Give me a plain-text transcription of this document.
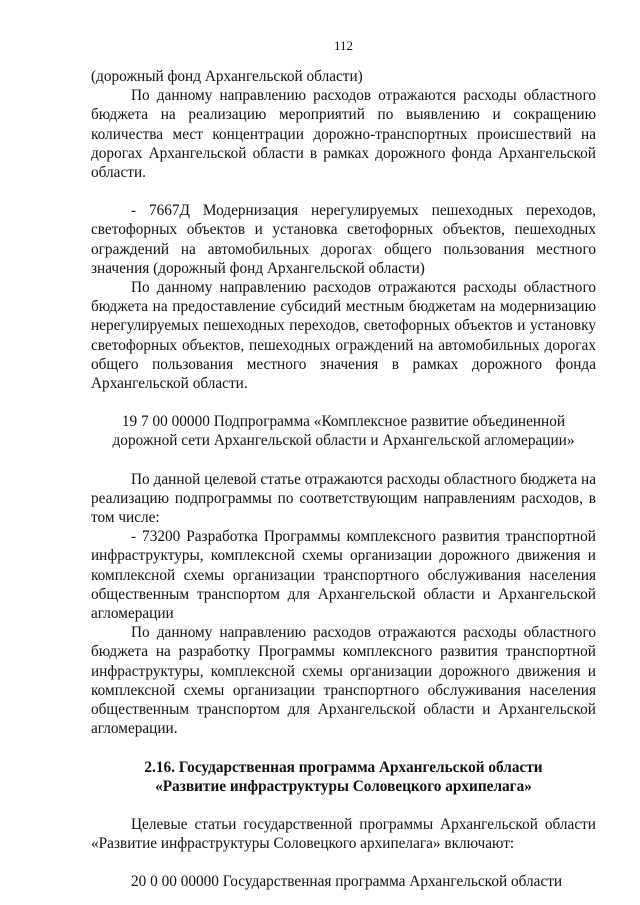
112

(дорожный фонд Архангельской области)

По данному направлению расходов отражаются расходы областного бюджета на реализацию мероприятий по выявлению и сокращению количества мест концентрации дорожно-транспортных происшествий на дорогах Архангельской области в рамках дорожного фонда Архангельской области.

- 7667Д Модернизация нерегулируемых пешеходных переходов, светофорных объектов и установка светофорных объектов, пешеходных ограждений на автомобильных дорогах общего пользования местного значения (дорожный фонд Архангельской области)

По данному направлению расходов отражаются расходы областного бюджета на предоставление субсидий местным бюджетам на модернизацию нерегулируемых пешеходных переходов, светофорных объектов и установку светофорных объектов, пешеходных ограждений на автомобильных дорогах общего пользования местного значения в рамках дорожного фонда Архангельской области.

19 7 00 00000 Подпрограмма «Комплексное развитие объединенной

дорожной сети Архангельской области и Архангельской агломерации»

По данной целевой статье отражаются расходы областного бюджета на реализацию подпрограммы по соответствующим направлениям расходов, в том числе:

- 73200 Разработка Программы комплексного развития транспортной инфраструктуры, комплексной схемы организации дорожного движения и комплексной схемы организации транспортного обслуживания населения общественным транспортом для Архангельской области и Архангельской агломерации

По данному направлению расходов отражаются расходы областного бюджета на разработку Программы комплексного развития транспортной инфраструктуры, комплексной схемы организации дорожного движения и комплексной схемы организации транспортного обслуживания населения общественным транспортом для Архангельской области и Архангельской агломерации.

2.16. Государственная программа Архангельской области

«Развитие инфраструктуры Соловецкого архипелага»

Целевые статьи государственной программы Архангельской области «Развитие инфраструктуры Соловецкого архипелага» включают:

20 0 00 00000 Государственная программа Архангельской области
